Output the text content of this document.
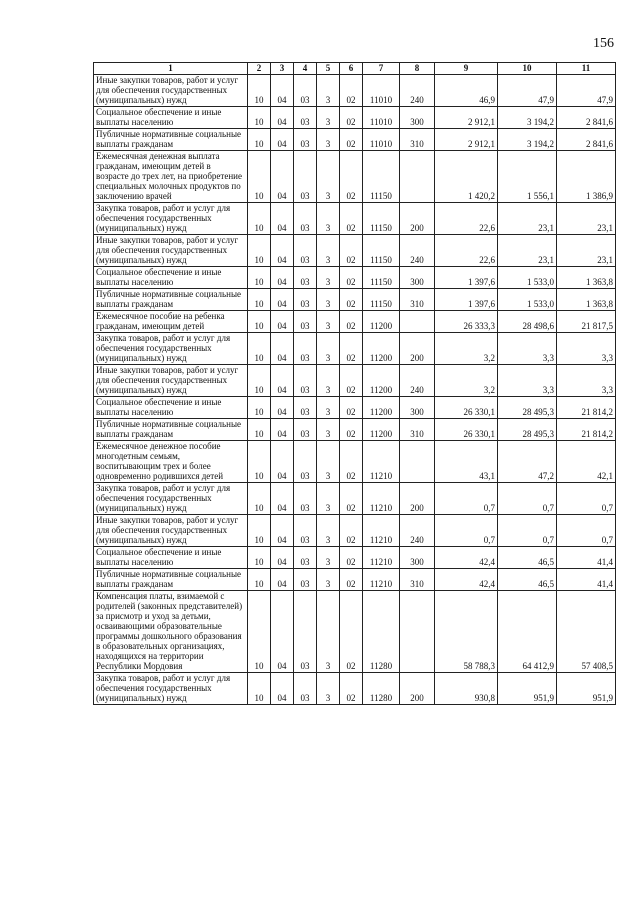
156
1	2	3	4	5	6	7	8	9	10	11
Иные закупки товаров, работ и услуг для обеспечения государственных (муниципальных) нужд	10	04	03	3	02	11010	240	46,9	47,9	47,9
Социальное обеспечение и иные выплаты населению	10	04	03	3	02	11010	300	2 912,1	3 194,2	2 841,6
Публичные нормативные социальные выплаты гражданам	10	04	03	3	02	11010	310	2 912,1	3 194,2	2 841,6
Ежемесячная денежная выплата гражданам, имеющим детей в возрасте до трех лет, на приобретение специальных молочных продуктов по заключению врачей	10	04	03	3	02	11150		1 420,2	1 556,1	1 386,9
Закупка товаров, работ и услуг для обеспечения государственных (муниципальных) нужд	10	04	03	3	02	11150	200	22,6	23,1	23,1
Иные закупки товаров, работ и услуг для обеспечения государственных (муниципальных) нужд	10	04	03	3	02	11150	240	22,6	23,1	23,1
Социальное обеспечение и иные выплаты населению	10	04	03	3	02	11150	300	1 397,6	1 533,0	1 363,8
Публичные нормативные социальные выплаты гражданам	10	04	03	3	02	11150	310	1 397,6	1 533,0	1 363,8
Ежемесячное пособие на ребенка гражданам, имеющим детей	10	04	03	3	02	11200		26 333,3	28 498,6	21 817,5
Закупка товаров, работ и услуг для обеспечения государственных (муниципальных) нужд	10	04	03	3	02	11200	200	3,2	3,3	3,3
Иные закупки товаров, работ и услуг для обеспечения государственных (муниципальных) нужд	10	04	03	3	02	11200	240	3,2	3,3	3,3
Социальное обеспечение и иные выплаты населению	10	04	03	3	02	11200	300	26 330,1	28 495,3	21 814,2
Публичные нормативные социальные выплаты гражданам	10	04	03	3	02	11200	310	26 330,1	28 495,3	21 814,2
Ежемесячное денежное пособие многодетным семьям, воспитывающим трех и более одновременно родившихся детей	10	04	03	3	02	11210		43,1	47,2	42,1
Закупка товаров, работ и услуг для обеспечения государственных (муниципальных) нужд	10	04	03	3	02	11210	200	0,7	0,7	0,7
Иные закупки товаров, работ и услуг для обеспечения государственных (муниципальных) нужд	10	04	03	3	02	11210	240	0,7	0,7	0,7
Социальное обеспечение и иные выплаты населению	10	04	03	3	02	11210	300	42,4	46,5	41,4
Публичные нормативные социальные выплаты гражданам	10	04	03	3	02	11210	310	42,4	46,5	41,4
Компенсация платы, взимаемой с родителей (законных представителей) за присмотр и уход за детьми, осваивающими образовательные программы дошкольного образования в образовательных организациях, находящихся на территории Республики Мордовия	10	04	03	3	02	11280		58 788,3	64 412,9	57 408,5
Закупка товаров, работ и услуг для обеспечения государственных (муниципальных) нужд	10	04	03	3	02	11280	200	930,8	951,9	951,9
